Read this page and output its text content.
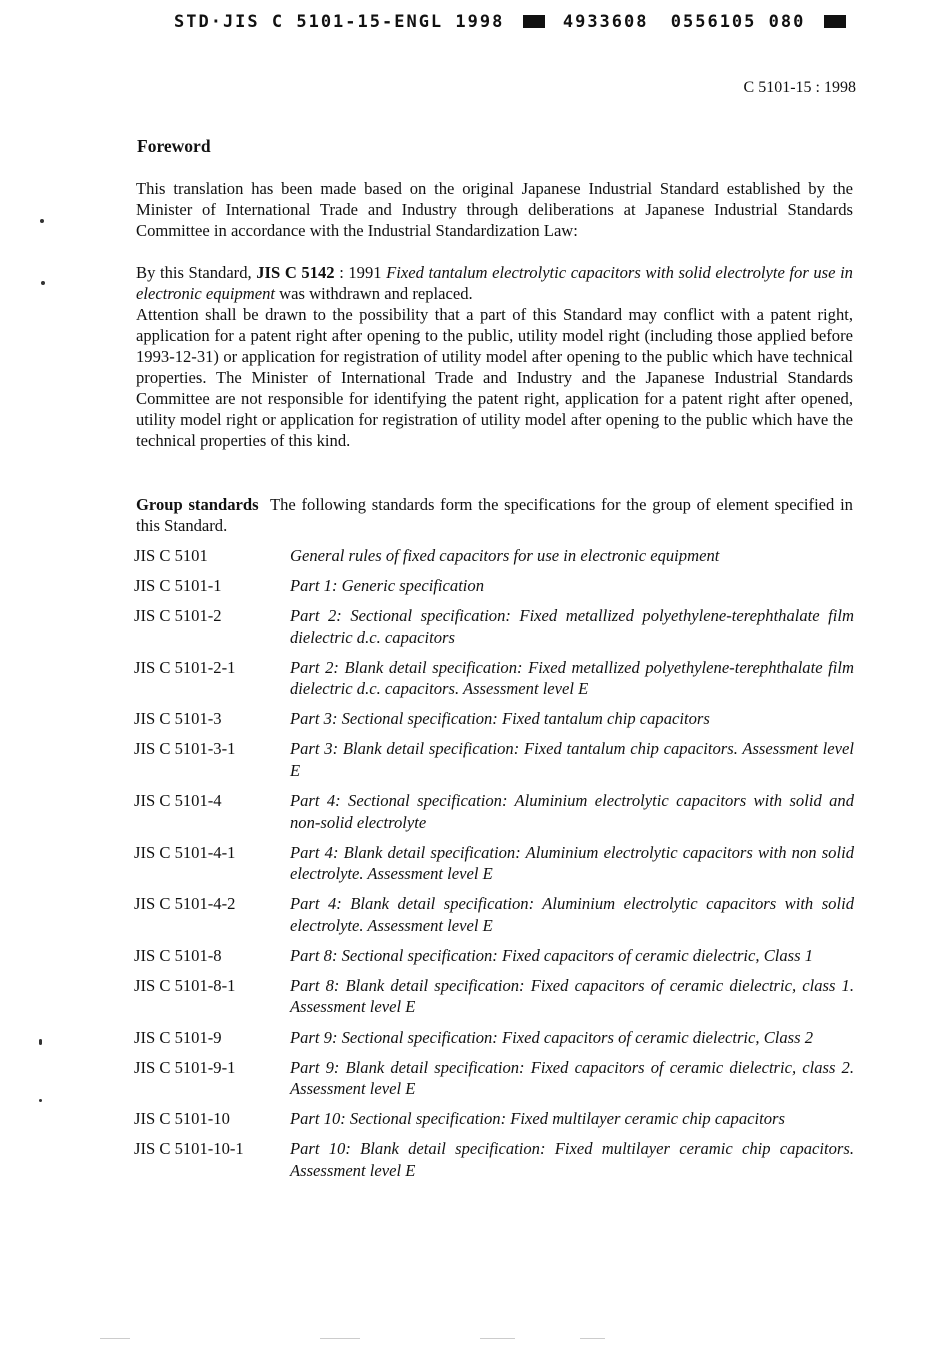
STD·JIS C 5101-15-ENGL 1998	4933608 0556105 080
C 5101-15 : 1998
Foreword
This translation has been made based on the original Japanese Industrial Standard established by the Minister of International Trade and Industry through deliberations at Japanese Industrial Standards Committee in accordance with the Industrial Standardization Law:
By this Standard, JIS C 5142 : 1991 Fixed tantalum electrolytic capacitors with solid electrolyte for use in electronic equipment was withdrawn and replaced.
Attention shall be drawn to the possibility that a part of this Standard may conflict with a patent right, application for a patent right after opening to the public, utility model right (including those applied before 1993-12-31) or application for registration of utility model after opening to the public which have technical properties. The Minister of International Trade and Industry and the Japanese Industrial Standards Committee are not responsible for identifying the patent right, application for a patent right after opened, utility model right or application for registration of utility model after opening to the public which have the technical properties of this kind.
Group standards The following standards form the specifications for the group of element specified in this Standard.
JIS C 5101	General rules of fixed capacitors for use in electronic equipment
JIS C 5101-1	Part 1: Generic specification
JIS C 5101-2	Part 2: Sectional specification: Fixed metallized polyethylene-terephthalate film dielectric d.c. capacitors
JIS C 5101-2-1	Part 2: Blank detail specification: Fixed metallized polyethylene-terephthalate film dielectric d.c. capacitors. Assessment level E
JIS C 5101-3	Part 3: Sectional specification: Fixed tantalum chip capacitors
JIS C 5101-3-1	Part 3: Blank detail specification: Fixed tantalum chip capacitors. Assessment level E
JIS C 5101-4	Part 4: Sectional specification: Aluminium electrolytic capacitors with solid and non-solid electrolyte
JIS C 5101-4-1	Part 4: Blank detail specification: Aluminium electrolytic capacitors with non solid electrolyte. Assessment level E
JIS C 5101-4-2	Part 4: Blank detail specification: Aluminium electrolytic capacitors with solid electrolyte. Assessment level E
JIS C 5101-8	Part 8: Sectional specification: Fixed capacitors of ceramic dielectric, Class 1
JIS C 5101-8-1	Part 8: Blank detail specification: Fixed capacitors of ceramic dielectric, class 1. Assessment level E
JIS C 5101-9	Part 9: Sectional specification: Fixed capacitors of ceramic dielectric, Class 2
JIS C 5101-9-1	Part 9: Blank detail specification: Fixed capacitors of ceramic dielectric, class 2. Assessment level E
JIS C 5101-10	Part 10: Sectional specification: Fixed multilayer ceramic chip capacitors
JIS C 5101-10-1	Part 10: Blank detail specification: Fixed multilayer ceramic chip capacitors. Assessment level E
